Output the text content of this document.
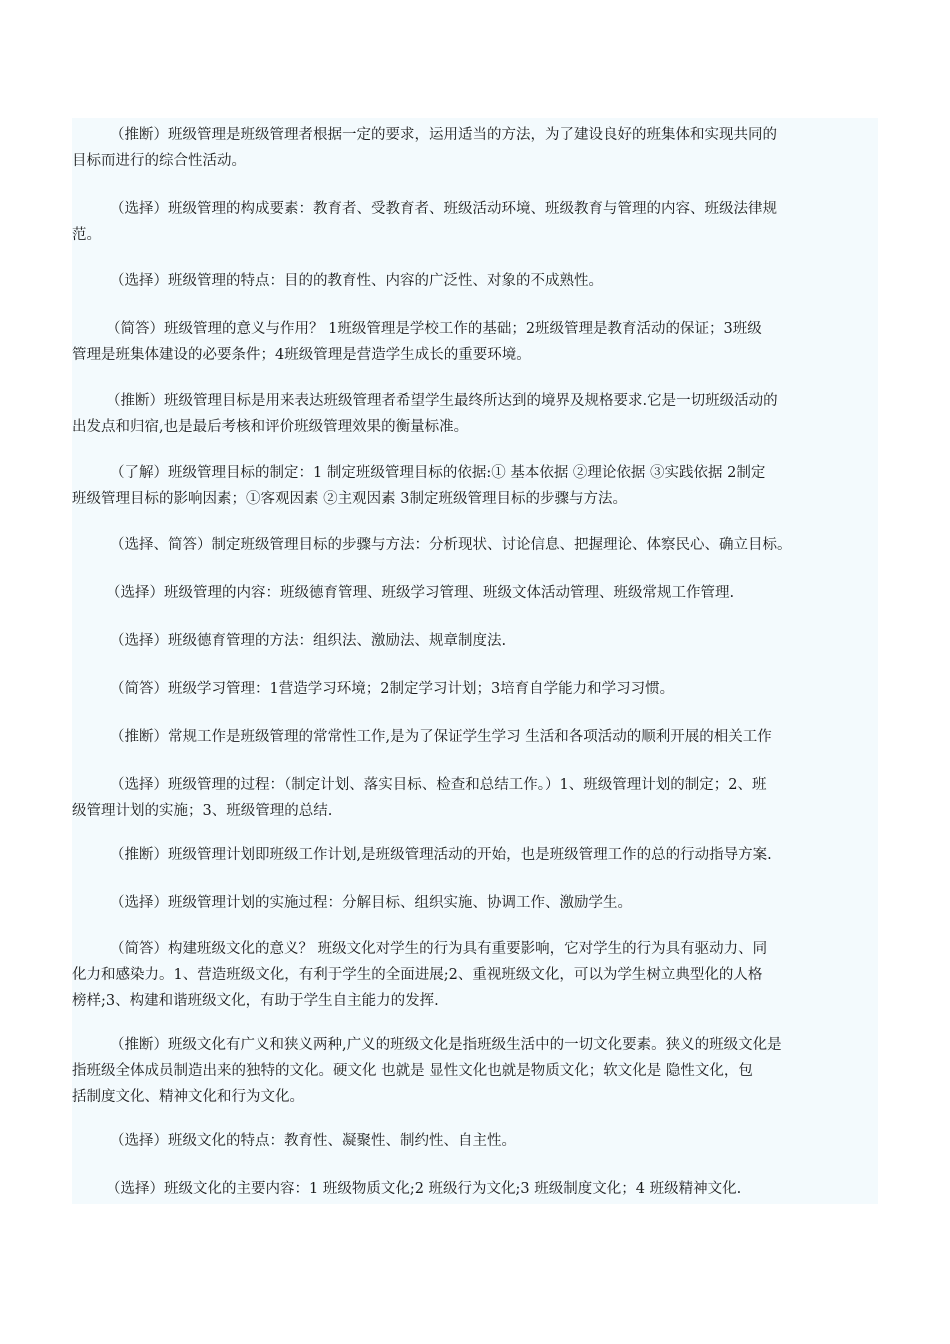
（推断）班级管理是班级管理者根据一定的要求，运用适当的方法，为了建设良好的班集体和实现共同的
目标而进行的综合性活动。
（选择）班级管理的构成要素：教育者、受教育者、班级活动环境、班级教育与管理的内容、班级法律规
范。
（选择）班级管理的特点：目的的教育性、内容的广泛性、对象的不成熟性。
（简答）班级管理的意义与作用？ 1班级管理是学校工作的基础；2班级管理是教育活动的保证；3班级
管理是班集体建设的必要条件；4班级管理是营造学生成长的重要环境。
（推断）班级管理目标是用来表达班级管理者希望学生最终所达到的境界及规格要求.它是一切班级活动的
出发点和归宿,也是最后考核和评价班级管理效果的衡量标准。
（了解）班级管理目标的制定：1 制定班级管理目标的依据:① 基本依据 ②理论依据 ③实践依据 2制定
班级管理目标的影响因素；①客观因素 ②主观因素 3制定班级管理目标的步骤与方法。
（选择、简答）制定班级管理目标的步骤与方法：分析现状、讨论信息、把握理论、体察民心、确立目标。
（选择）班级管理的内容：班级德育管理、班级学习管理、班级文体活动管理、班级常规工作管理.
（选择）班级德育管理的方法：组织法、激励法、规章制度法.
（简答）班级学习管理：1营造学习环境；2制定学习计划；3培育自学能力和学习习惯。
（推断）常规工作是班级管理的常常性工作,是为了保证学生学习 生活和各项活动的顺利开展的相关工作
（选择）班级管理的过程：（制定计划、落实目标、检查和总结工作。）1、班级管理计划的制定；2、班
级管理计划的实施；3、班级管理的总结.
（推断）班级管理计划即班级工作计划,是班级管理活动的开始，也是班级管理工作的总的行动指导方案.
（选择）班级管理计划的实施过程：分解目标、组织实施、协调工作、激励学生。
（简答）构建班级文化的意义？ 班级文化对学生的行为具有重要影响，它对学生的行为具有驱动力、同
化力和感染力。1、营造班级文化，有利于学生的全面进展;2、重视班级文化，可以为学生树立典型化的人格
榜样;3、构建和谐班级文化，有助于学生自主能力的发挥.
（推断）班级文化有广义和狭义两种,广义的班级文化是指班级生活中的一切文化要素。狭义的班级文化是
指班级全体成员制造出来的独特的文化。硬文化 也就是 显性文化也就是物质文化；软文化是 隐性文化，包
括制度文化、精神文化和行为文化。
（选择）班级文化的特点：教育性、凝聚性、制约性、自主性。
（选择）班级文化的主要内容：1 班级物质文化;2 班级行为文化;3 班级制度文化；4 班级精神文化.
